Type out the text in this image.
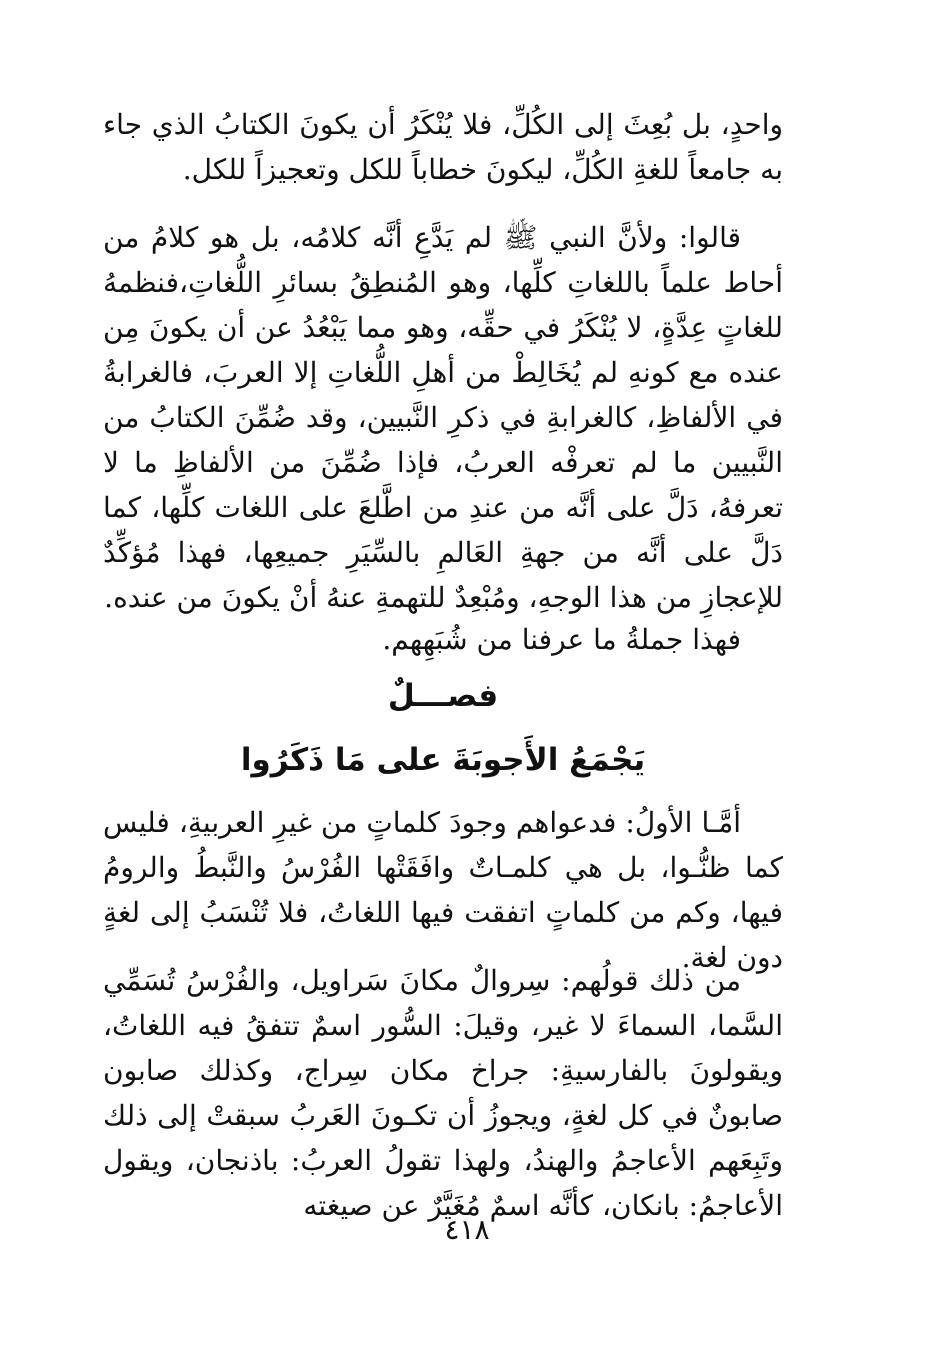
واحدٍ، بل بُعِثَ إلى الكُلِّ، فلا يُنْكَرُ أن يكونَ الكتابُ الذي جاء به جامعاً للغةِ الكُلِّ، ليكونَ خطاباً للكل وتعجيزاً للكل.

قالوا: ولأنَّ النبي ﷺ لم يَدَّعِ أنَّه كلامُه، بل هو كلامُ من أحاط علماً باللغاتِ كلِّها، وهو المُنطِقُ بسائرِ اللُّغاتِ،فنظمهُ للغاتٍ عِدَّةٍ، لا يُنْكَرُ في حقِّه، وهو مما يَبْعُدُ عن أن يكونَ مِن عنده مع كونهِ لم يُخَالِطْ من أهلِ اللُّغاتِ إلا العربَ، فالغرابةُ في الألفاظِ، كالغرابةِ في ذكرِ النَّبيين، وقد ضُمِّنَ الكتابُ من النَّبيين ما لم تعرفْه العربُ، فإذا ضُمِّنَ من الألفاظِ ما لا تعرفهُ، دَلَّ على أنَّه من عندِ من اطَّلعَ على اللغات كلِّها، كما دَلَّ على أنَّه من جهةِ العَالمِ بالسِّيَرِ جميعِها، فهذا مُؤكِّدٌ للإعجازِ من هذا الوجهِ، ومُبْعِدٌ للتهمةِ عنهُ أنْ يكونَ من عنده.

فهذا جملةُ ما عرفنا من شُبَهِهم.

فصـــلٌ
يَجْمَعُ الأَجوبَةَ على مَا ذَكَرُوا

أمَّـا الأولُ: فدعواهم وجودَ كلماتٍ من غيرِ العربيةِ، فليس كما ظنُّـوا، بل هي كلمـاتٌ وافَقَتْها الفُرْسُ والنَّبطُ والرومُ فيها، وكم من كلماتٍ اتفقت فيها اللغاتُ، فلا تُنْسَبُ إلى لغةٍ دون لغة.

من ذلك قولُهم: سِروالٌ مكانَ سَراويل، والفُرْسُ تُسَمِّي السَّما، السماءَ لا غير، وقيلَ: السُّور اسمٌ تتفقُ فيه اللغاتُ، ويقولونَ بالفارسيةِ: جراخ مكان سِراج، وكذلك صابون صابونٌ في كل لغةٍ، ويجوزُ أن تكـونَ العَربُ سبقتْ إلى ذلك وتَبِعَهم الأعاجمُ والهندُ، ولهذا تقولُ العربُ: باذنجان، ويقول الأعاجمُ: بانكان، كأنَّه اسمٌ مُغَيَّرٌ عن صيغته

٤١٨
